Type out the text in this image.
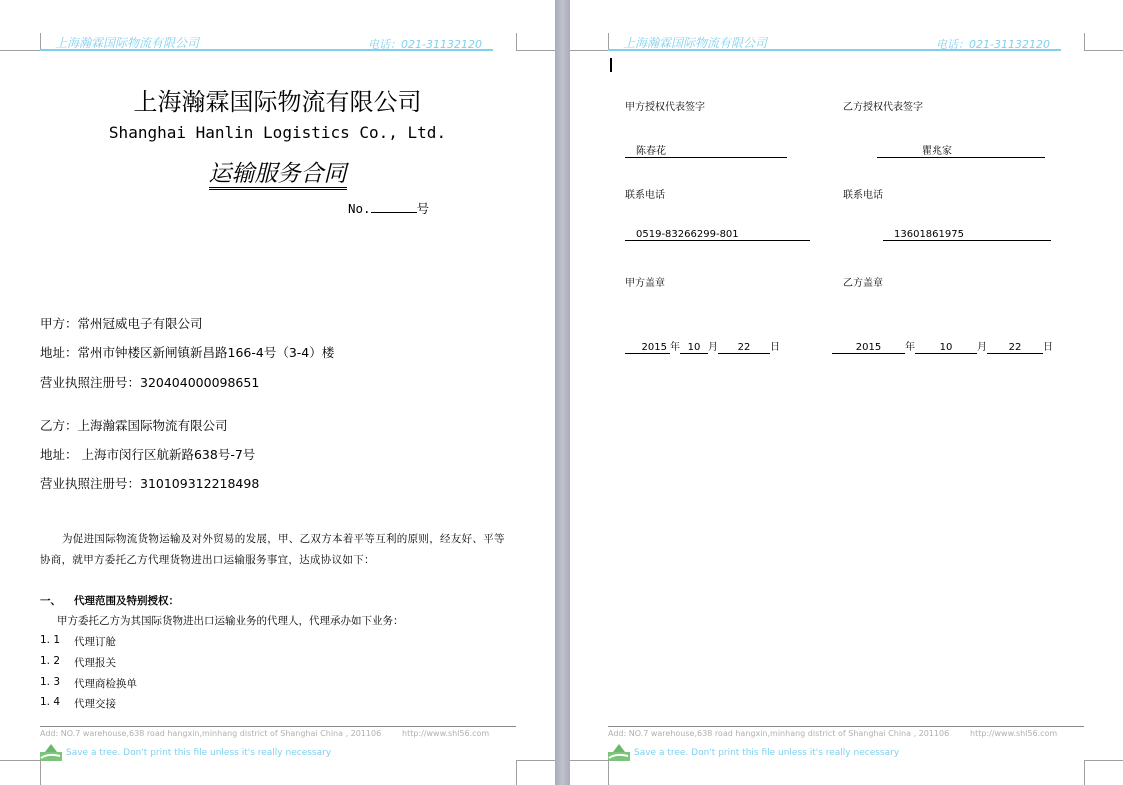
上海瀚霖国际物流有限公司	电话：021-31132120
上海瀚霖国际物流有限公司
Shanghai Hanlin Logistics Co., Ltd.
运输服务合同
No.	号
甲方：常州冠威电子有限公司
地址：常州市钟楼区新闸镇新昌路166-4号（3-4）楼
营业执照注册号：320404000098651
乙方：上海瀚霖国际物流有限公司
地址： 上海市闵行区航新路638号-7号
营业执照注册号：310109312218498
为促进国际物流货物运输及对外贸易的发展，甲、乙双方本着平等互利的原则，经友好、平等
协商，就甲方委托乙方代理货物进出口运输服务事宜，达成协议如下：
一、 代理范围及特别授权：
甲方委托乙方为其国际货物进出口运输业务的代理人，代理承办如下业务：
1. 1 代理订舱
1. 2 代理报关
1. 3 代理商检换单
1. 4 代理交接
Add: NO.7 warehouse,638 road hangxin,minhang district of Shanghai China , 201106	http://www.shl56.com
Save a tree. Don't print this file unless it's really necessary
上海瀚霖国际物流有限公司	电话：021-31132120
甲方授权代表签字	乙方授权代表签字
陈春花	瞿兆家
联系电话	联系电话
0519-83266299-801	13601861975
甲方盖章	乙方盖章
2015 年 10 月 22 日	2015 年 10 月 22 日
Add: NO.7 warehouse,638 road hangxin,minhang district of Shanghai China , 201106	http://www.shl56.com
Save a tree. Don't print this file unless it's really necessary
